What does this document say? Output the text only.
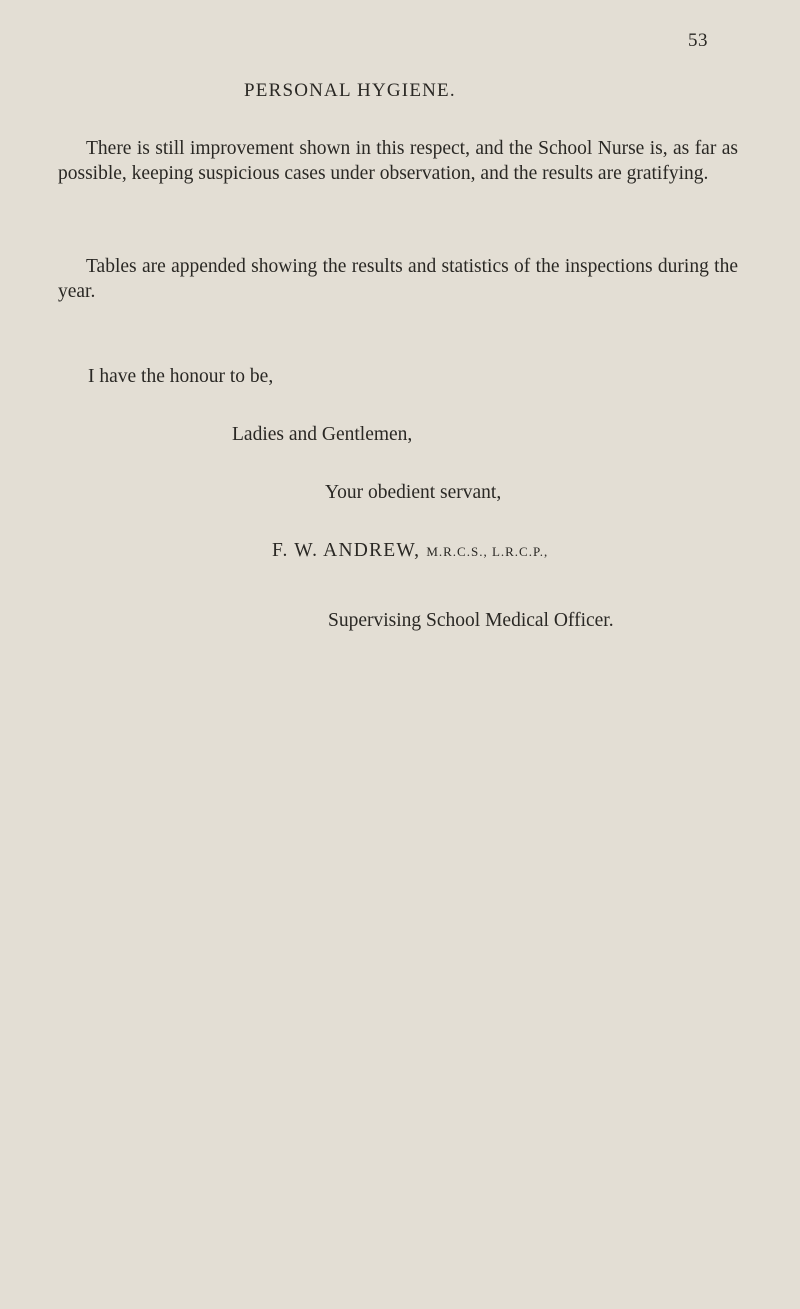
53
PERSONAL HYGIENE.

There is still improvement shown in this respect, and the School Nurse is, as far as possible, keeping suspicious cases under observation, and the results are gratifying.

Tables are appended showing the results and statistics of the inspections during the year.

I have the honour to be,
Ladies and Gentlemen,
Your obedient servant,
F. W. ANDREW, M.R.C.S., L.R.C.P.,
Supervising School Medical Officer.
